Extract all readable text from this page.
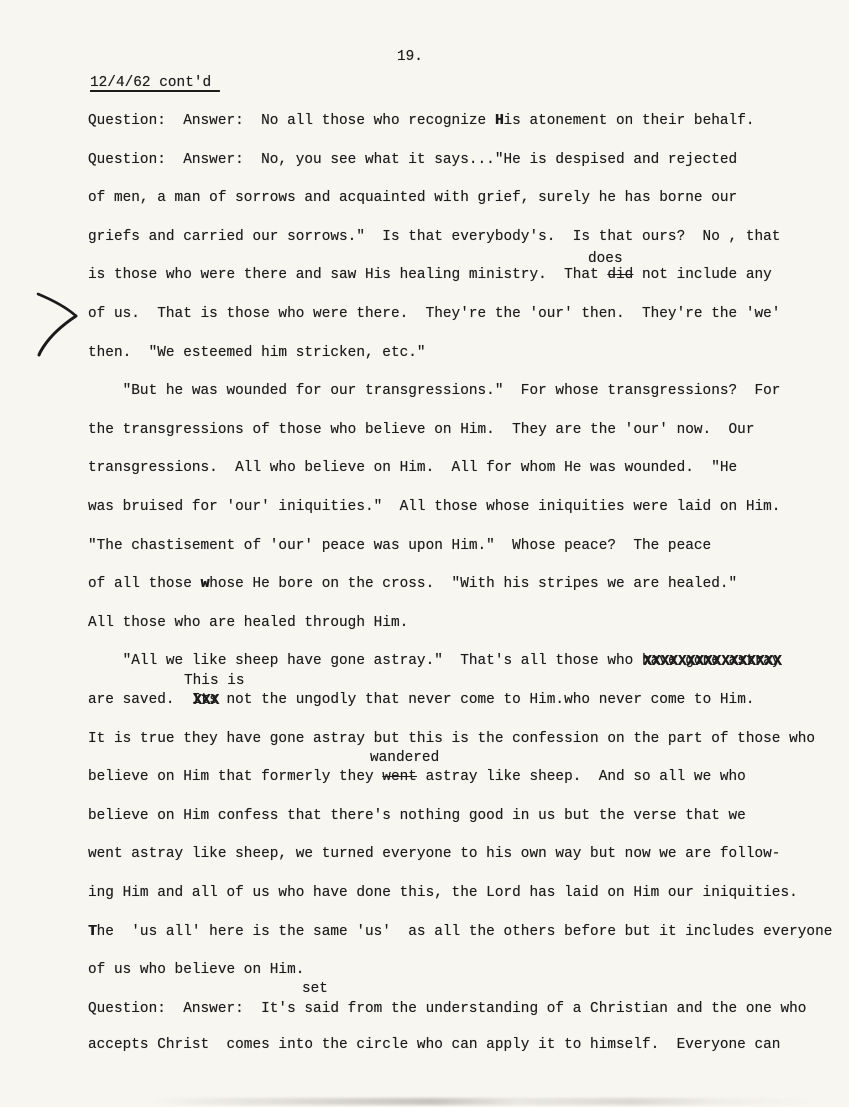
19.
12/4/62 cont'd
Question:  Answer:  No all those who recognize His atonement on their behalf.
Question:  Answer:  No, you see what it says..."He is despised and rejected
of men, a man of sorrows and acquainted with grief, surely he has borne our
griefs and carried our sorrows."  Is that everybody's.  Is that ours?  No , that
does
is those who were there and saw His healing ministry.  That did not include any
of us.  That is those who were there.  They're the 'our' then.  They're the 'we'
then.  "We esteemed him stricken, etc."
"But he was wounded for our transgressions."  For whose transgressions?  For
the transgressions of those who believe on Him.  They are the 'our' now.  Our
transgressions.  All who believe on Him.  All for whom He was wounded.  "He
was bruised for 'our' iniquities."  All those whose iniquities were laid on Him.
"The chastisement of 'our' peace was upon Him."  Whose peace?  The peace
of all those whose He bore on the cross.  "With his stripes we are healed."
All those who are healed through Him.
"All we like sheep have gone astray."  That's all those who have gone astray XXXXXXXXXXXXXXXX
This is
are saved.  Its XXX not the ungodly that never come to Him.who never come to Him.
It is true they have gone astray but this is the confession on the part of those who
wandered
believe on Him that formerly they went astray like sheep.  And so all we who
believe on Him confess that there's nothing good in us but the verse that we
went astray like sheep, we turned everyone to his own way but now we are follow-
ing Him and all of us who have done this, the Lord has laid on Him our iniquities.
The  'us all' here is the same 'us'  as all the others before but it includes everyone
of us who believe on Him.
set
Question:  Answer:  It's said from the understanding of a Christian and the one who
accepts Christ  comes into the circle who can apply it to himself.  Everyone can
